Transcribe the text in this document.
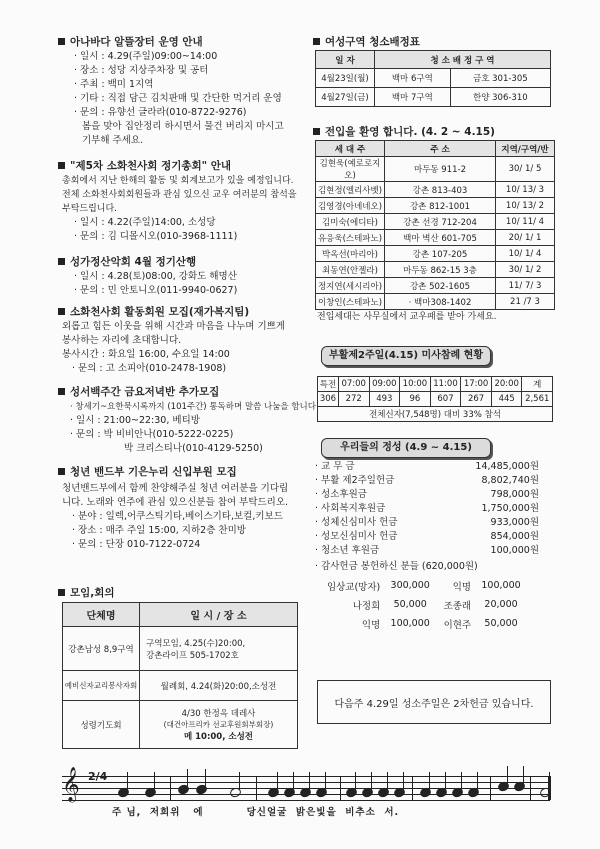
아나바다 알뜰장터 운영 안내
· 일시 : 4.29(주일)09:00~14:00
· 장소 : 성당 지상주차장 및 공터
· 주최 : 백미 1지역
· 기타 : 직접 담근 김치판매 및 간단한 먹거리 운영
· 문의 : 유향선 글라라(010-8722-9276)
봄을 맞아 집안정리 하시면서 물건 버리지 마시고
기부해 주세요.
"제5차 소화천사회 정기총회" 안내
총회에서 지난 한해의 활동 및 회계보고가 있을 예정입니다.
전체 소화천사회회원들과 관심 있으신 교우 여러분의 참석을
부탁드립니다.
· 일시 : 4.22(주일)14:00, 소성당
· 문의 : 김 디몰시오(010-3968-1111)
성가정산악회 4월 정기산행
· 일시 : 4.28(토)08:00, 강화도 해명산
· 문의 : 민 안토니오(011-9940-0627)
소화천사회 활동회원 모집(재가복지팀)
외롭고 힘든 이웃을 위해 시간과 마음을 나누며 기쁘게
봉사하는 자리에 초대합니다.
봉사시간 : 화요일 16:00, 수요일 14:00
· 문의 : 고 소피아(010-2478-1908)
성서백주간 금요저녁반 추가모집
· 창세기~요한묵시록까지 (101주간) 통독하며 말씀 나눔을 함니다
· 일시 : 21:00~22:30, 베티방
· 문의 : 박 비비안나(010-5222-0225)
박 크리스티나(010-4129-5250)
청년 밴드부 기은누리 신입부원 모집
청년밴드부에서 함께 찬양해주실 청년 여러분을 기다립
니다. 노래와 연주에 관심 있으신분들 참여 부탁드리오.
· 분야 : 일렉,어쿠스틱기타,베이스기타,보컬,키보드
· 장소 : 매주 주일 15:00, 지하2층 찬미방
· 문의 : 단장 010-7122-0724
모임,회의
단체명	일 시 / 장 소
강촌남성 8,9구역	구역모임, 4.25(수)20:00,
강촌라이프 505-1702호

예비신자교리봉사자회	월례회, 4.24(화)20:00,소성전
성령기도회	4/30 한정옥 데레사
(대건아프리카 선교후원회부회장)
메 10:00, 소성전
여성구역 청소배정표
일 자	청 소 배 정 구 역	
4월23일(월)	백마 6구역	금호 301-305
4월27일(금)	백마 7구역	한양 306-310
전입을 환영 합니다. (4. 2 ~ 4.15)
세 대 주	주 소	지역/구역/반
김현욱(예로로지오)	마두동 911-2	30/ 1/ 5
김현정(엘리사벳)	강촌 813-403	10/ 13/ 3
김영경(아녜네오)	강촌 812-1001	10/ 13/ 2
김미숙(에디타)	강촌 선경 712-204	10/ 11/ 4
유응욱(스테파노)	백마 벽산 601-705	20/ 1/ 1
박옥선(마리아)	강촌 107-205	10/ 1/ 4
최동연(안젤라)	마두동 862-15 3층	30/ 1/ 2
정지연(세시리아)	강촌 502-1605	11/ 7/ 3
이창인(스테파노)	· 백마308-1402	21 /7 3
전입세대는 사무실에서 교우패를 받아 가세요.
부활제2주일(4.15) 미사참례 현황
특전	07:00	09:00	10:00	11:00	17:00	20:00	계
306	272	493	96	607	267	445	2,561
전체신자(7,548명) 대비 33% 참석							
우리들의 정성 (4.9 ~ 4.15)
· 교 무 금	14,485,000원
· 부활 제2주일헌금	8,802,740원
· 성소후원금	798,000원
· 사회복지후원금	1,750,000원
· 성체신심미사 헌금	933,000원
· 성모신심미사 헌금	854,000원
· 청소년 후원금	100,000원
· 감사헌금 봉헌하신 분들 (620,000원)
임상교(망자)	300,000	익명	100,000
나정희	50,000	조종래	20,000
익명	100,000	이현주	50,000
다음주 4.29일 성소주일은 2차헌금 있습니다.
𝄞 2/4
주 님,  저희위   에          당신얼굴  밝은빛을  비추소  서.
